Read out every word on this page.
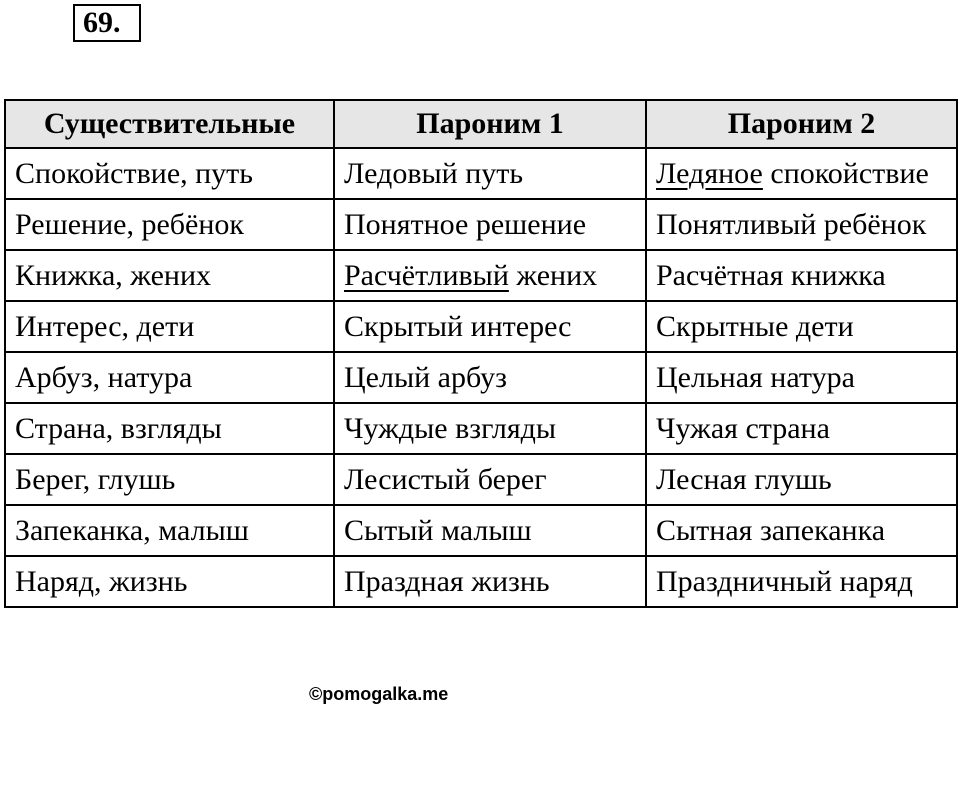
69.
Существительные	Пароним 1	Пароним 2
Спокойствие, путь	Ледовый путь	Ледяное спокойствие
Решение, ребёнок	Понятное решение	Понятливый ребёнок
Книжка, жених	Расчётливый жених	Расчётная книжка
Интерес, дети	Скрытый интерес	Скрытные дети
Арбуз, натура	Целый арбуз	Цельная натура
Страна, взгляды	Чуждые взгляды	Чужая страна
Берег, глушь	Лесистый берег	Лесная глушь
Запеканка, малыш	Сытый малыш	Сытная запеканка
Наряд, жизнь	Праздная жизнь	Праздничный наряд
©pomogalka.me
